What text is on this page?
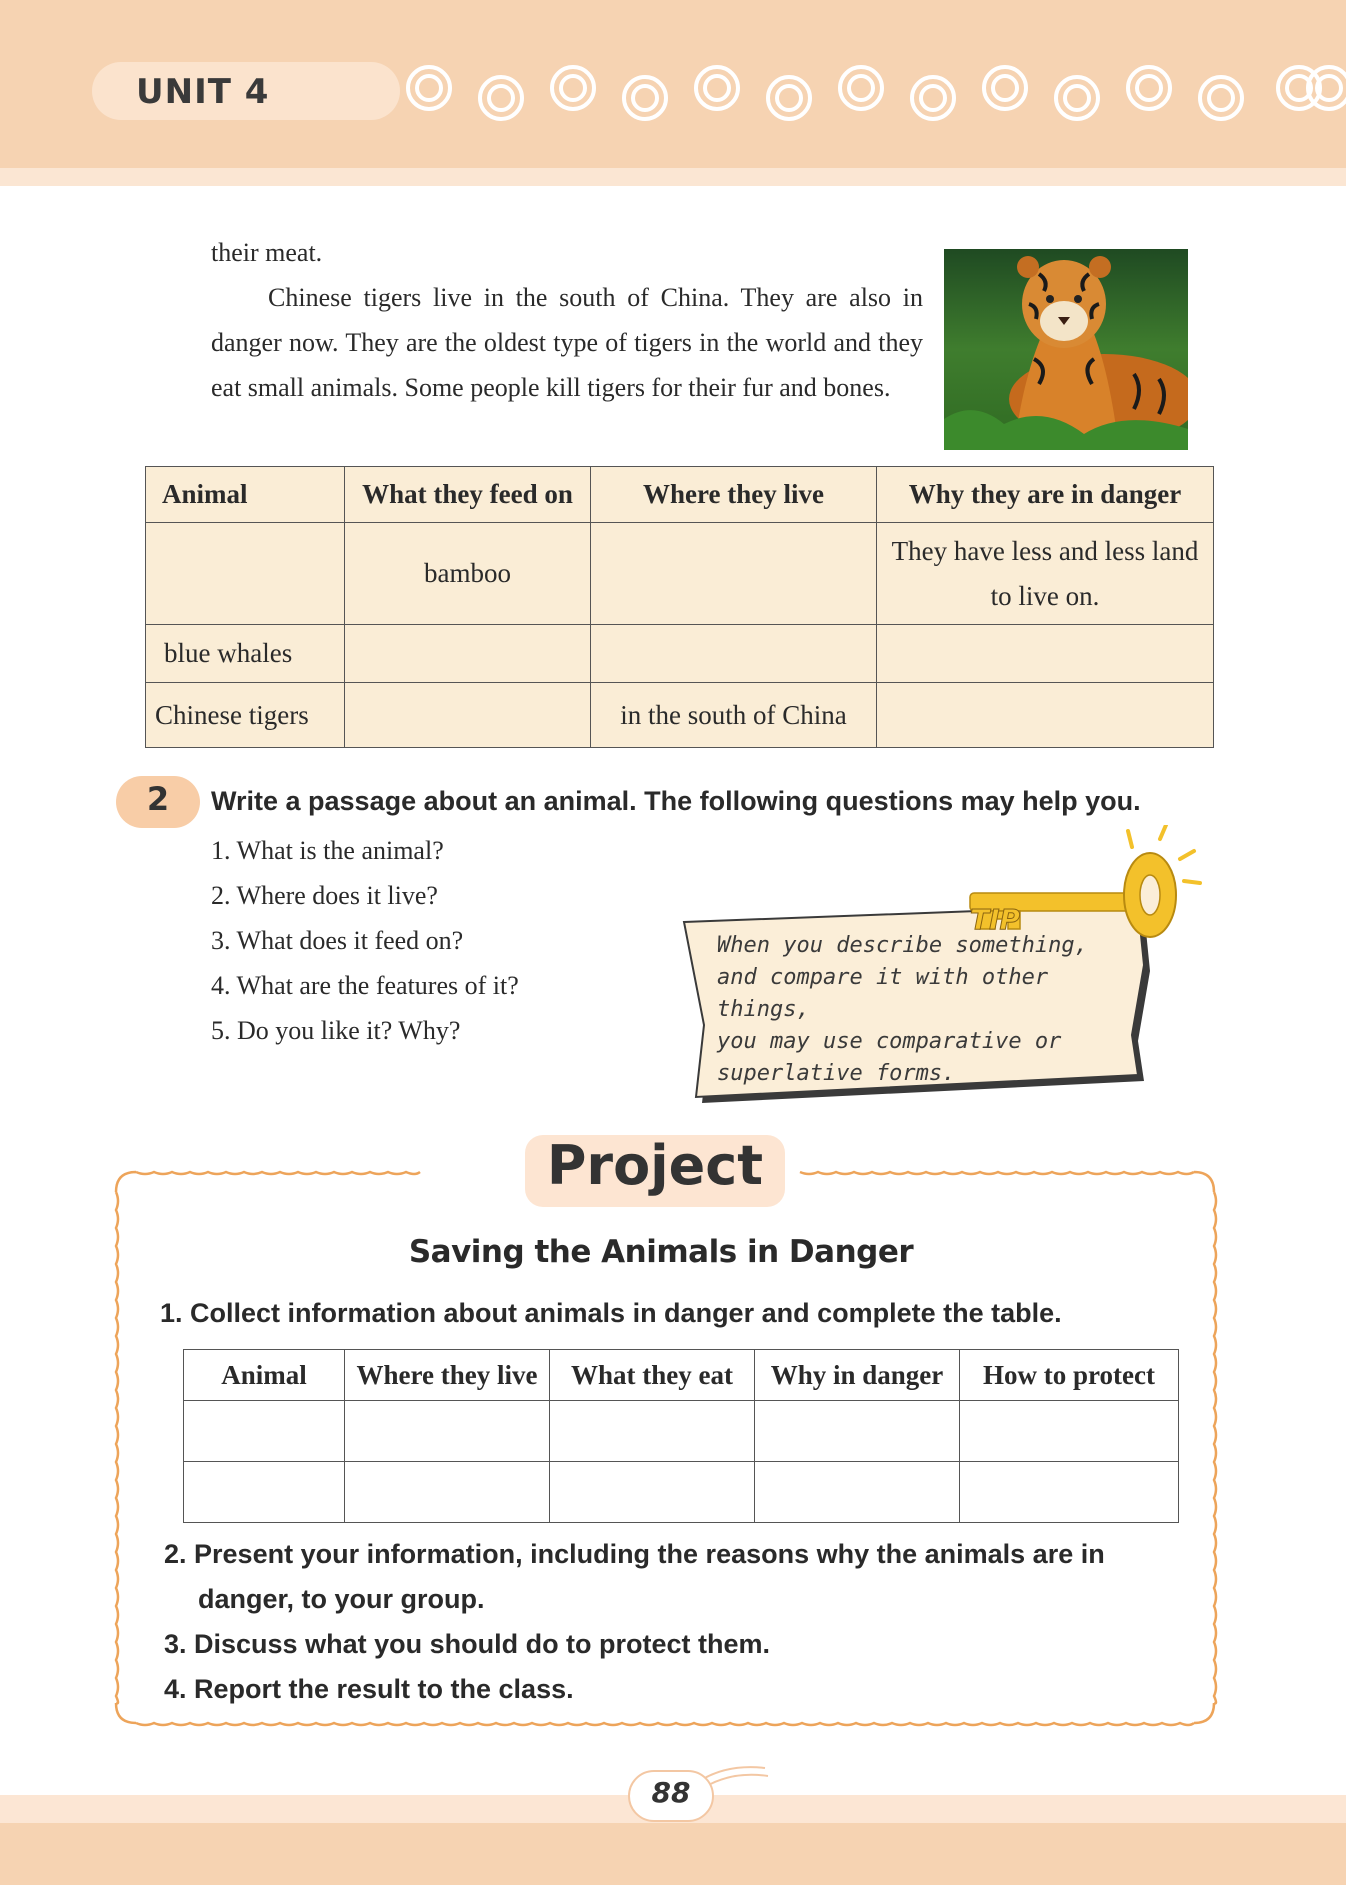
UNIT 4
their meat.
Chinese tigers live in the south of China. They are also in danger now. They are the oldest type of tigers in the world and they eat small animals. Some people kill tigers for their fur and bones.
Animal	What they feed on	Where they live	Why they are in danger
	bamboo		They have less and less land to live on.
blue whales			
Chinese tigers		in the south of China	
2	Write a passage about an animal. The following questions may help you.
1. What is the animal?
2. Where does it live?
3. What does it feed on?
4. What are the features of it?
5. Do you like it? Why?
TIP
When you describe something,
and compare it with other things,
you may use comparative or
superlative forms.
Project
Saving the Animals in Danger
1. Collect information about animals in danger and complete the table.
Animal	Where they live	What they eat	Why in danger	How to protect

2. Present your information, including the reasons why the animals are in
danger, to your group.
3. Discuss what you should do to protect them.
4. Report the result to the class.
88
